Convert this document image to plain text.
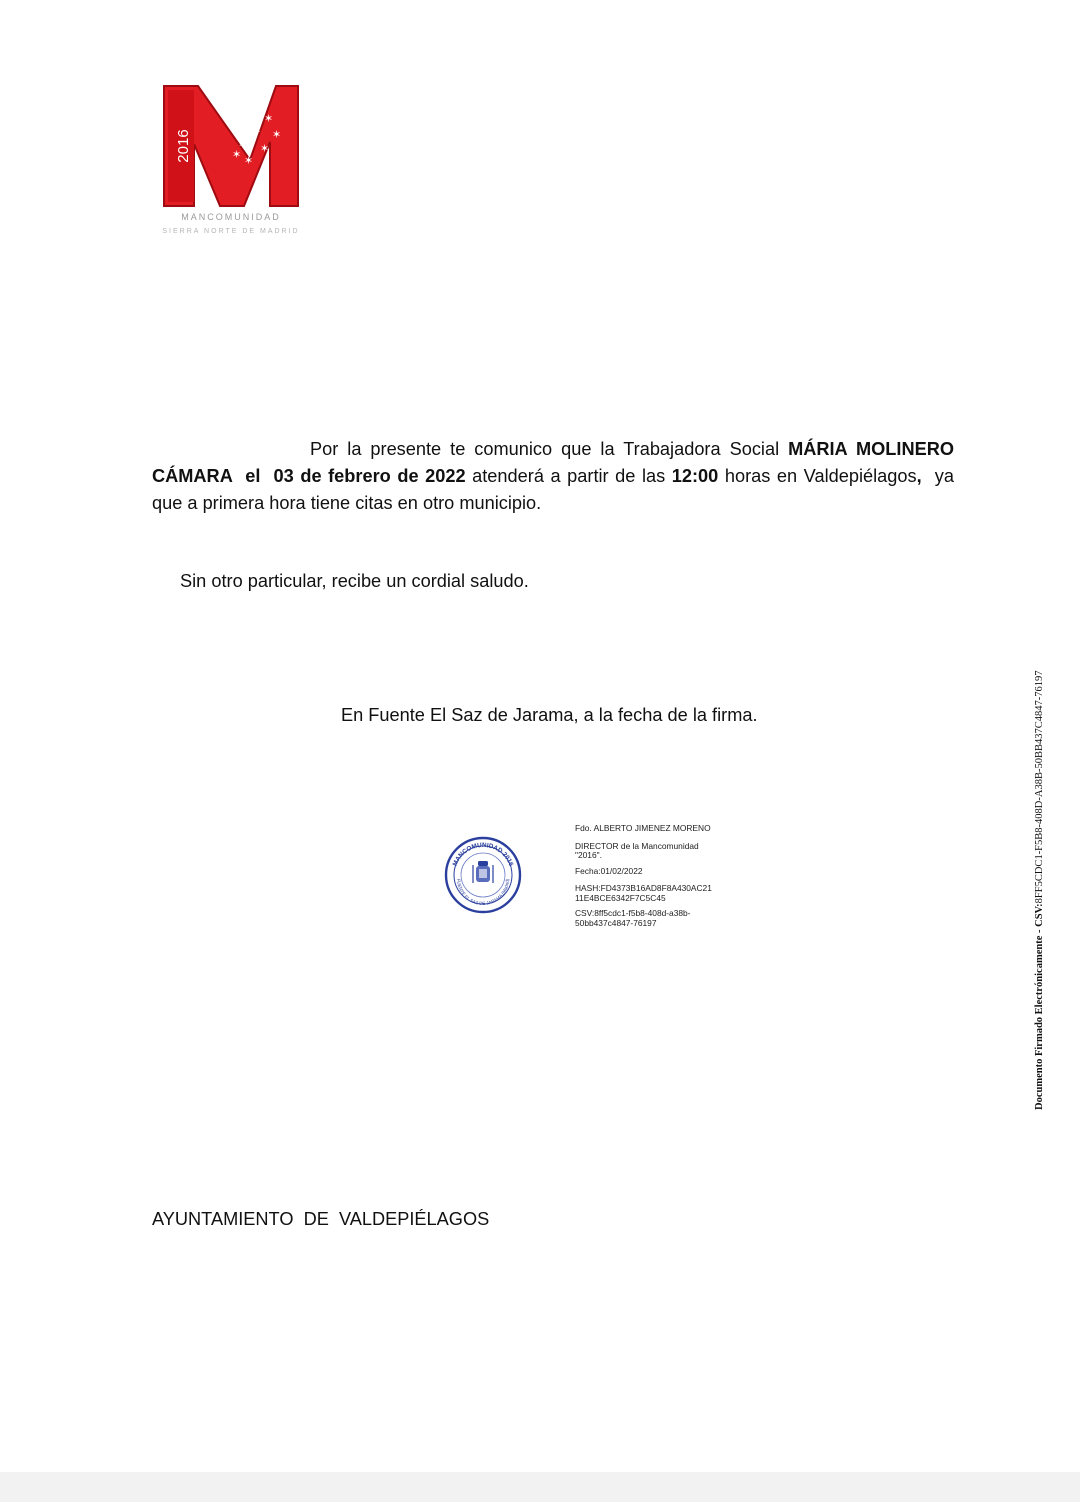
2016
✶
✶ ✶
✶ ✶
✶
✶
MANCOMUNIDAD
SIERRA NORTE DE MADRID
Por la presente te comunico que la Trabajadora Social MÁRIA MOLINERO CÁMARA  el  03 de febrero de 2022 atenderá a partir de las 12:00 horas en Valdepiélagos,  ya que a primera hora tiene citas en otro municipio.
Sin otro particular, recibe un cordial saludo.
En Fuente El Saz de Jarama, a la fecha de la firma.
MANCOMUNIDAD 2016
FUENTE EL SAZ DE JARAMA (Madrid)
Fdo. ALBERTO JIMENEZ MORENO
DIRECTOR de la Mancomunidad
"2016".
Fecha:01/02/2022
HASH:FD4373B16AD8F8A430AC21
11E4BCE6342F7C5C45
CSV:8ff5cdc1-f5b8-408d-a38b-
50bb437c4847-76197
AYUNTAMIENTO  DE  VALDEPIÉLAGOS
Documento Firmado Electrónicamente - CSV:8FF5CDC1-F5B8-408D-A38B-50BB437C4847-76197
